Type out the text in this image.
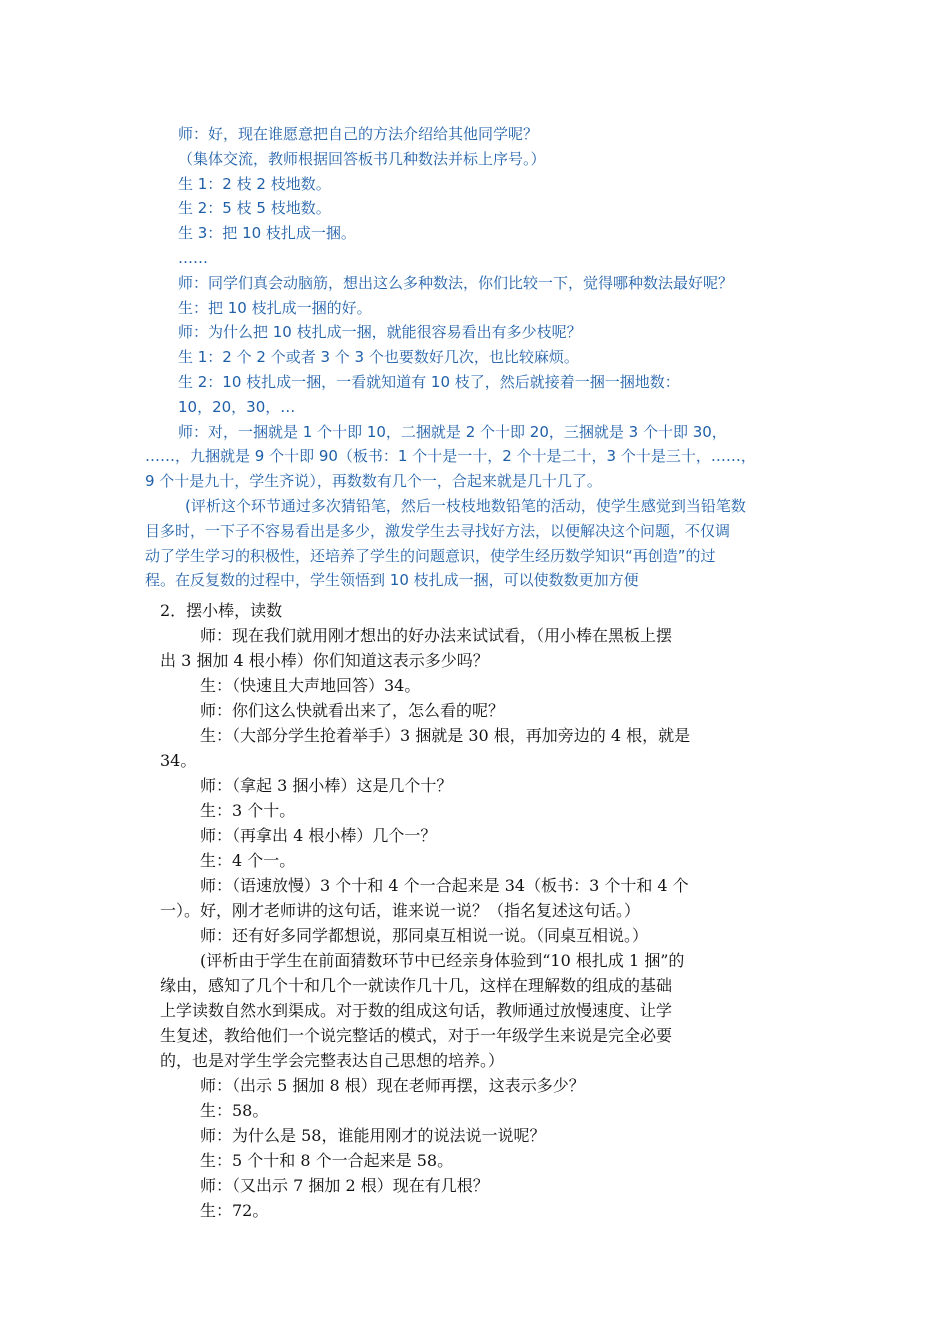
师：好，现在谁愿意把自己的方法介绍给其他同学呢？
（集体交流，教师根据回答板书几种数法并标上序号。）
生 1：2 枝 2 枝地数。
生 2：5 枝 5 枝地数。
生 3：把 10 枝扎成一捆。
……
师：同学们真会动脑筋，想出这么多种数法，你们比较一下，觉得哪种数法最好呢？
生：把 10 枝扎成一捆的好。
师：为什么把 10 枝扎成一捆，就能很容易看出有多少枝呢？
生 1：2 个 2 个或者 3 个 3 个也要数好几次，也比较麻烦。
生 2：10 枝扎成一捆，一看就知道有 10 枝了，然后就接着一捆一捆地数：
10，20，30，…
师：对，一捆就是 1 个十即 10，二捆就是 2 个十即 20，三捆就是 3 个十即 30，
……，九捆就是 9 个十即 90（板书：1 个十是一十，2 个十是二十，3 个十是三十，……，
9 个十是九十，学生齐说），再数数有几个一，合起来就是几十几了。
(评析这个环节通过多次猜铅笔，然后一枝枝地数铅笔的活动，使学生感觉到当铅笔数
目多时，一下子不容易看出是多少，激发学生去寻找好方法，以便解决这个问题，不仅调
动了学生学习的积极性，还培养了学生的问题意识，使学生经历数学知识“再创造”的过
程。在反复数的过程中，学生领悟到 10 枝扎成一捆，可以使数数更加方便
2．摆小棒，读数
师：现在我们就用刚才想出的好办法来试试看，（用小棒在黑板上摆
出 3 捆加 4 根小棒）你们知道这表示多少吗？
生：（快速且大声地回答）34。
师：你们这么快就看出来了，怎么看的呢？
生：（大部分学生抢着举手）3 捆就是 30 根，再加旁边的 4 根，就是
34。
师：（拿起 3 捆小棒）这是几个十？
生：3 个十。
师：（再拿出 4 根小棒）几个一？
生：4 个一。
师：（语速放慢）3 个十和 4 个一合起来是 34（板书：3 个十和 4 个
一）。好，刚才老师讲的这句话，谁来说一说？（指名复述这句话。）
师：还有好多同学都想说，那同桌互相说一说。（同桌互相说。）
(评析由于学生在前面猜数环节中已经亲身体验到“10 根扎成 1 捆”的
缘由，感知了几个十和几个一就读作几十几，这样在理解数的组成的基础
上学读数自然水到渠成。对于数的组成这句话，教师通过放慢速度、让学
生复述，教给他们一个说完整话的模式，对于一年级学生来说是完全必要
的，也是对学生学会完整表达自己思想的培养。）
师：（出示 5 捆加 8 根）现在老师再摆，这表示多少？
生：58。
师：为什么是 58，谁能用刚才的说法说一说呢？
生：5 个十和 8 个一合起来是 58。
师：（又出示 7 捆加 2 根）现在有几根？
生：72。
